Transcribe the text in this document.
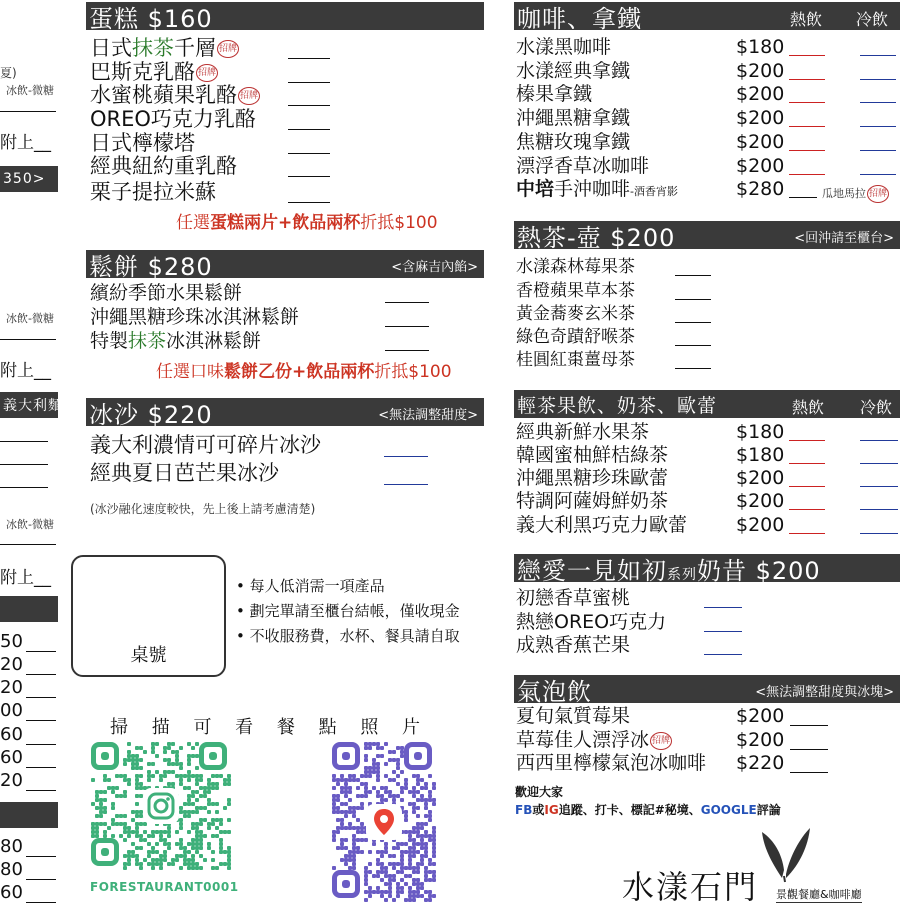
夏)
冰飲-微糖
附上__
350>
冰飲-微糖
附上__
義大利麵
冰飲-微糖
附上__
50
20
20
00
60
60
20
80
80
60
蛋糕 $160
日式抹茶千層 招牌
巴斯克乳酪 招牌
水蜜桃蘋果乳酪 招牌
OREO巧克力乳酪
日式檸檬塔
經典紐約重乳酪
栗子提拉米蘇
任選蛋糕兩片+飲品兩杯折抵$100
鬆餅 $280	<含麻吉內餡>
繽紛季節水果鬆餅
沖繩黑糖珍珠冰淇淋鬆餅
特製抹茶冰淇淋鬆餅
任選口味鬆餅乙份+飲品兩杯折抵$100
冰沙 $220	<無法調整甜度>
義大利濃情可可碎片冰沙
經典夏日芭芒果冰沙
(冰沙融化速度較快，先上後上請考慮清楚)
桌號
• 每人低消需一項產品
• 劃完單請至櫃台結帳，僅收現金
• 不收服務費，水杯、餐具請自取
掃 描 可 看 餐 點 照 片
FORESTAURANT0001
咖啡、拿鐵	熱飲 冷飲
水漾黑咖啡	$180
水漾經典拿鐵	$200
榛果拿鐵	$200
沖繩黑糖拿鐵	$200
焦糖玫瑰拿鐵	$200
漂浮香草冰咖啡	$200
中培手沖咖啡-酒香宵影	$280	瓜地馬拉 招牌
熱茶-壺 $200	<回沖請至櫃台>
水漾森林莓果茶
香橙蘋果草本茶
黃金蕎麥玄米茶
綠色奇蹟舒喉茶
桂圓紅棗薑母茶
輕茶果飲、奶茶、歐蕾	熱飲 冷飲
經典新鮮水果茶	$180
韓國蜜柚鮮桔綠茶	$180
沖繩黑糖珍珠歐蕾	$200
特調阿薩姆鮮奶茶	$200
義大利黑巧克力歐蕾	$200
戀愛一見如初系列奶昔 $200
初戀香草蜜桃
熱戀OREO巧克力
成熟香蕉芒果
氣泡飲	<無法調整甜度與冰塊>
夏旬氣質莓果	$200
草莓佳人漂浮冰 招牌	$200
西西里檸檬氣泡冰咖啡 $220
歡迎大家
FB或IG追蹤、打卡、標記#秘境、GOOGLE評論
水漾石門 景觀餐廳&咖啡廳
